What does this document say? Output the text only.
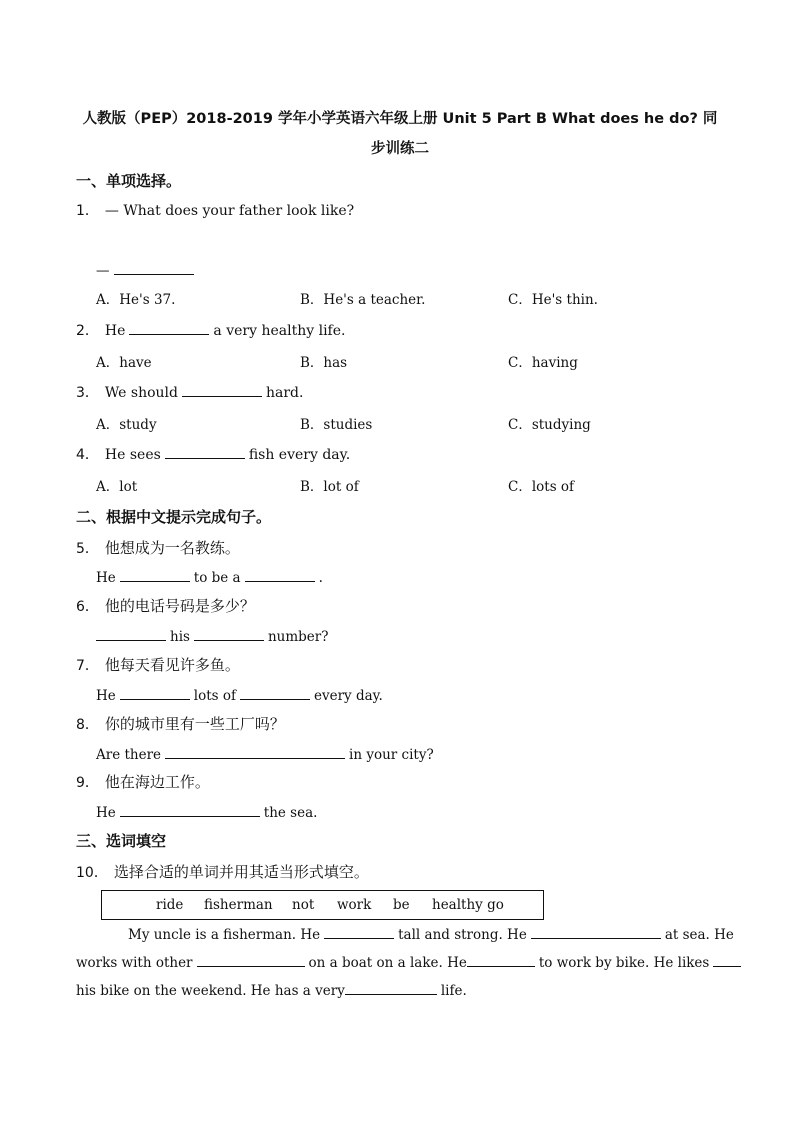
人教版（PEP）2018-2019 学年小学英语六年级上册 Unit 5 Part B What does he do? 同
步训练二
一、单项选择。
1． — What does your father look like?
—
A．He's 37.	B．He's a teacher.	C．He's thin.
2． He	a very healthy life.
A．have	B．has	C．having
3． We should	hard.
A．study	B．studies	C．studying
4． He sees	fish every day.
A．lot	B．lot of	C．lots of
二、根据中文提示完成句子。
5． 他想成为一名教练。
He	to be a	.
6． 他的电话号码是多少？
his	number?
7． 他每天看见许多鱼。
He	lots of	every day.
8． 你的城市里有一些工厂吗？
Are there	in your city?
9． 他在海边工作。
He	the sea.
三、选词填空
10． 选择合适的单词并用其适当形式填空。
ride fisherman not work be healthy go
My uncle is a fisherman. He	tall and strong. He	at sea. He
works with other	on a boat on a lake. He	to work by bike. He likes
his bike on the weekend. He has a very	life.
